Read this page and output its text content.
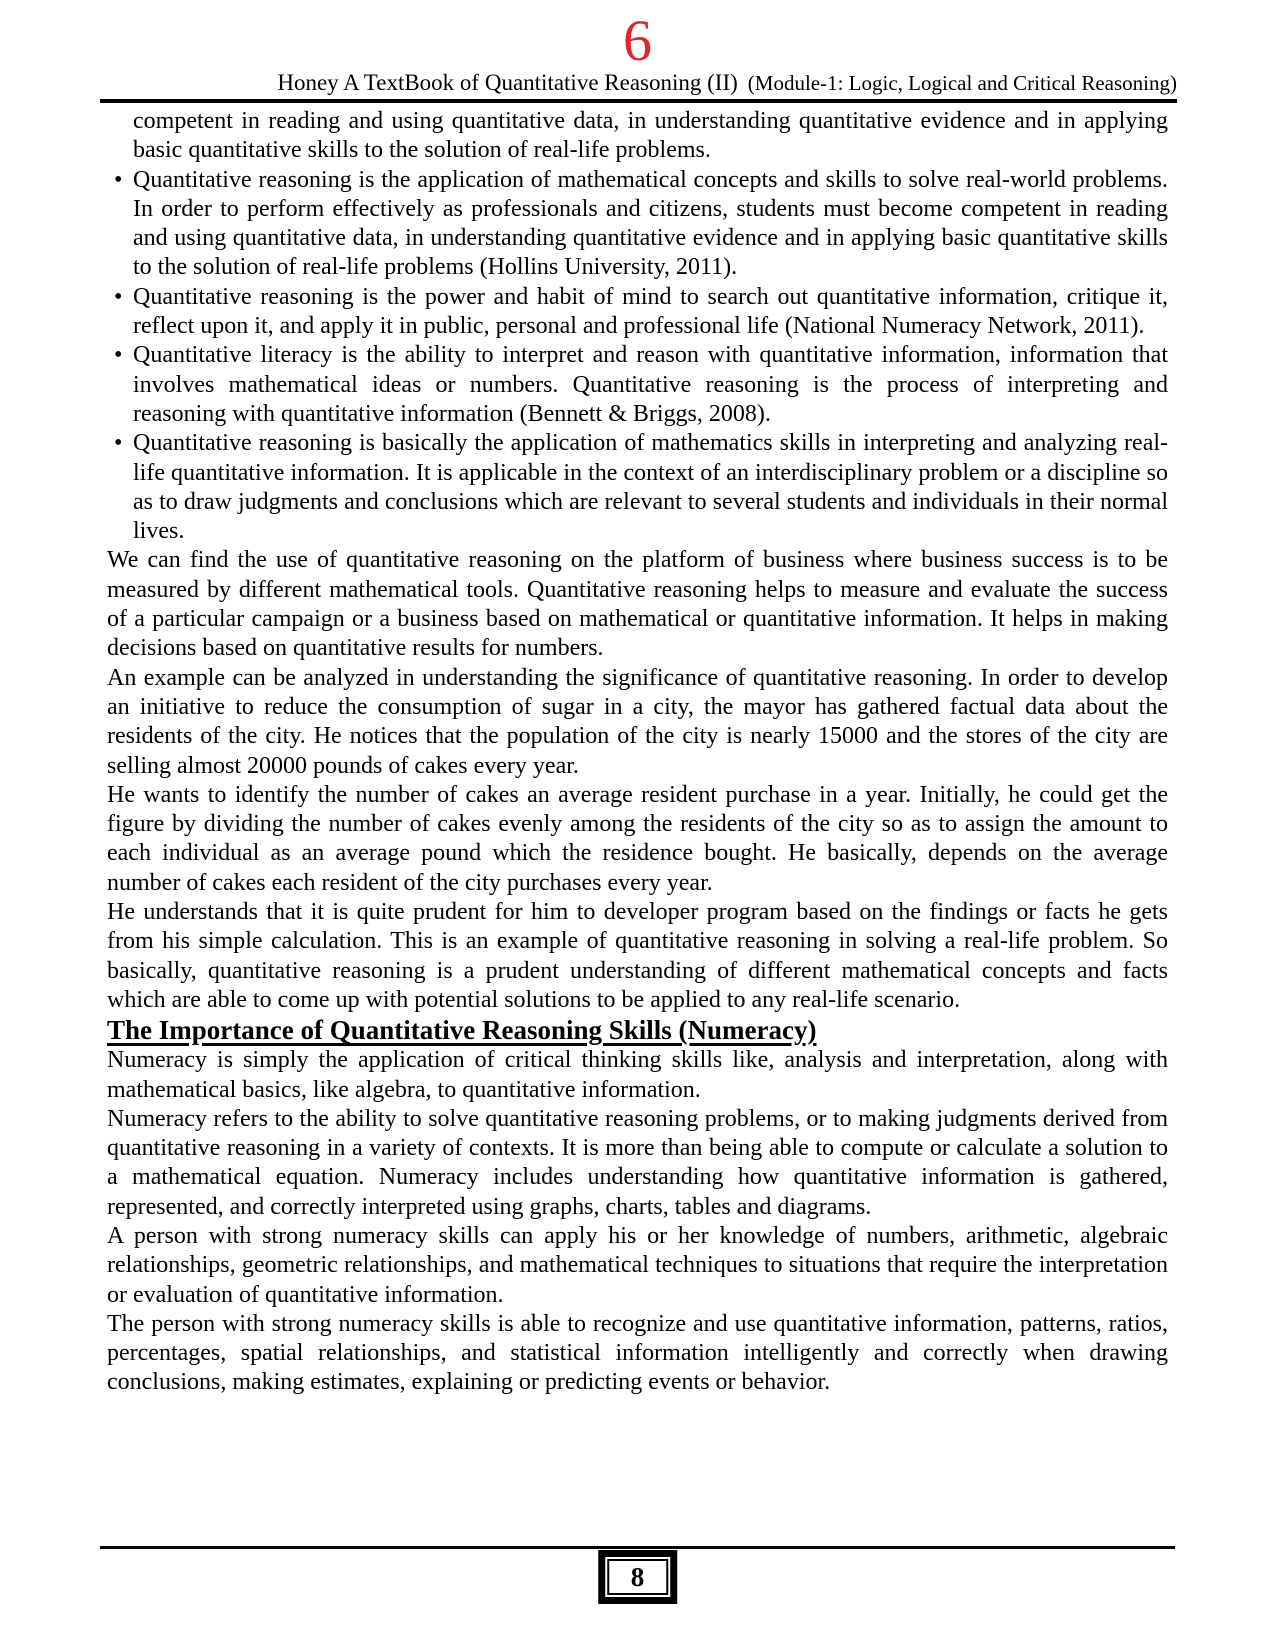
6
Honey A TextBook of Quantitative Reasoning (II) (Module-1: Logic, Logical and Critical Reasoning)

competent in reading and using quantitative data, in understanding quantitative evidence and in applying basic quantitative skills to the solution of real-life problems.

• Quantitative reasoning is the application of mathematical concepts and skills to solve real-world problems. In order to perform effectively as professionals and citizens, students must become competent in reading and using quantitative data, in understanding quantitative evidence and in applying basic quantitative skills to the solution of real-life problems (Hollins University, 2011).
• Quantitative reasoning is the power and habit of mind to search out quantitative information, critique it, reflect upon it, and apply it in public, personal and professional life (National Numeracy Network, 2011).
• Quantitative literacy is the ability to interpret and reason with quantitative information, information that involves mathematical ideas or numbers. Quantitative reasoning is the process of interpreting and reasoning with quantitative information (Bennett & Briggs, 2008).
• Quantitative reasoning is basically the application of mathematics skills in interpreting and analyzing real-life quantitative information. It is applicable in the context of an interdisciplinary problem or a discipline so as to draw judgments and conclusions which are relevant to several students and individuals in their normal lives.

We can find the use of quantitative reasoning on the platform of business where business success is to be measured by different mathematical tools. Quantitative reasoning helps to measure and evaluate the success of a particular campaign or a business based on mathematical or quantitative information. It helps in making decisions based on quantitative results for numbers.

An example can be analyzed in understanding the significance of quantitative reasoning. In order to develop an initiative to reduce the consumption of sugar in a city, the mayor has gathered factual data about the residents of the city. He notices that the population of the city is nearly 15000 and the stores of the city are selling almost 20000 pounds of cakes every year.

He wants to identify the number of cakes an average resident purchase in a year. Initially, he could get the figure by dividing the number of cakes evenly among the residents of the city so as to assign the amount to each individual as an average pound which the residence bought. He basically, depends on the average number of cakes each resident of the city purchases every year.

He understands that it is quite prudent for him to developer program based on the findings or facts he gets from his simple calculation. This is an example of quantitative reasoning in solving a real-life problem. So basically, quantitative reasoning is a prudent understanding of different mathematical concepts and facts which are able to come up with potential solutions to be applied to any real-life scenario.

The Importance of Quantitative Reasoning Skills (Numeracy)

Numeracy is simply the application of critical thinking skills like, analysis and interpretation, along with mathematical basics, like algebra, to quantitative information.

Numeracy refers to the ability to solve quantitative reasoning problems, or to making judgments derived from quantitative reasoning in a variety of contexts. It is more than being able to compute or calculate a solution to a mathematical equation. Numeracy includes understanding how quantitative information is gathered, represented, and correctly interpreted using graphs, charts, tables and diagrams.

A person with strong numeracy skills can apply his or her knowledge of numbers, arithmetic, algebraic relationships, geometric relationships, and mathematical techniques to situations that require the interpretation or evaluation of quantitative information.

The person with strong numeracy skills is able to recognize and use quantitative information, patterns, ratios, percentages, spatial relationships, and statistical information intelligently and correctly when drawing conclusions, making estimates, explaining or predicting events or behavior.

8
